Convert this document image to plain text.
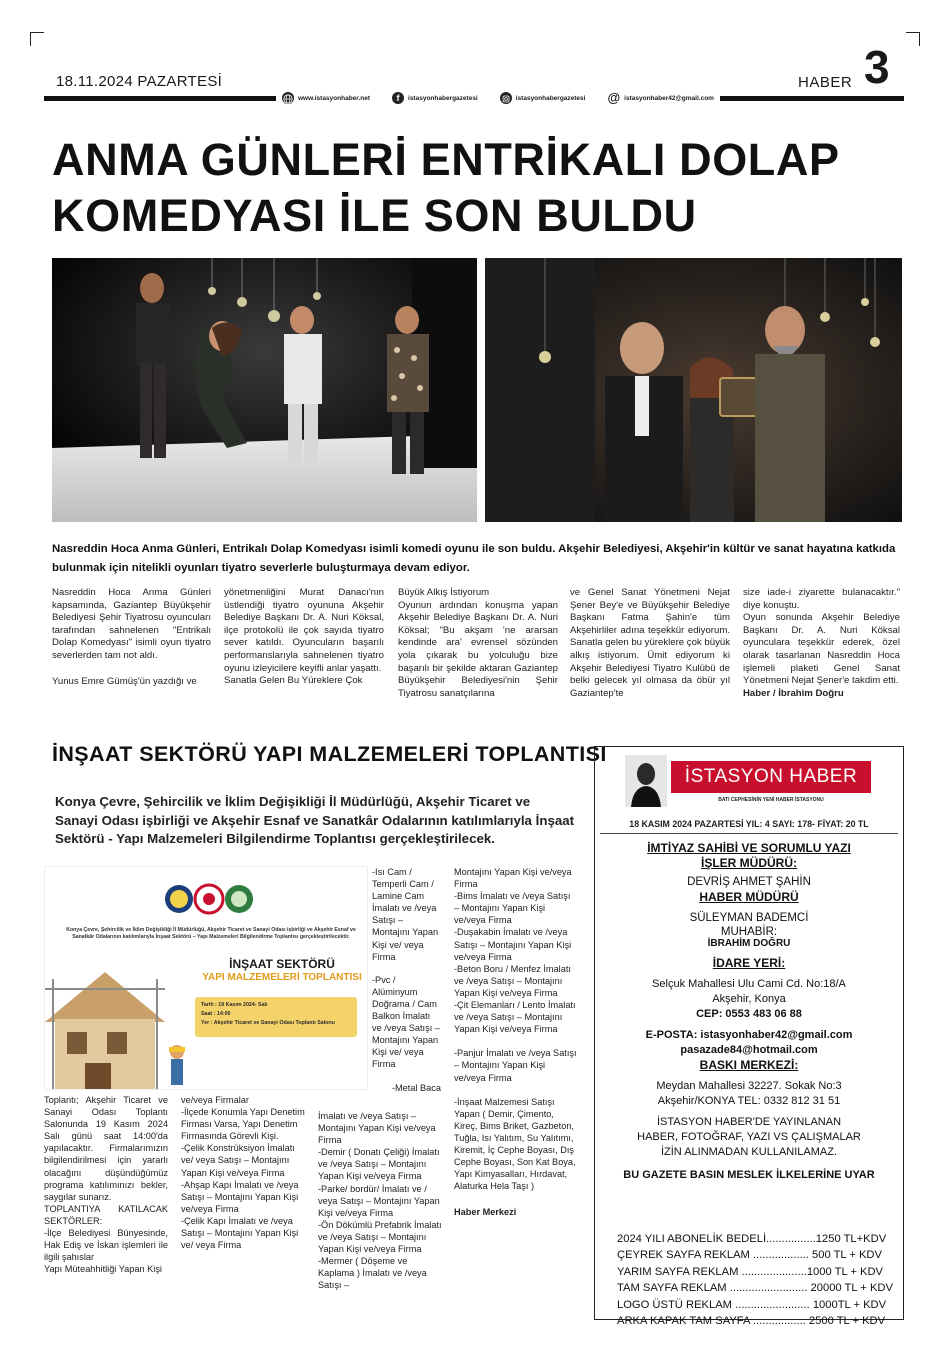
18.11.2024 PAZARTESİ	HABER 3
www.istasyonhaber.net	f	istasyonhabergazetesi	istasyonhabergazetesi @ istasyonhaber42@gmail.com
ANMA GÜNLERİ ENTRİKALI DOLAP
KOMEDYASI İLE SON BULDU
Nasreddin Hoca Anma Günleri, Entrikalı Dolap Komedyası isimli komedi oyunu ile son buldu. Akşehir Belediyesi, Akşehir'in kültür ve sanat hayatına katkıda bulunmak için nitelikli oyunları tiyatro severlerle buluşturmaya devam ediyor.

Nasreddin Hoca Anma Günleri kapsamında, Gaziantep Büyükşehir Belediyesi Şehir Tiyatrosu oyuncuları tarafından sahnelenen "Entrikalı Dolap Komedyası" isimli oyun tiyatro severlerden tam not aldı.

Yunus Emre Gümüş'ün yazdığı ve

yönetmenliğini Murat Danacı'nın üstlendiği tiyatro oyununa Akşehir Belediye Başkanı Dr. A. Nuri Köksal, ilçe protokolü ile çok sayıda tiyatro sever katıldı. Oyuncuların başarılı performanslarıyla sahnelenen tiyatro oyunu izleyicilere keyifli anlar yaşattı.

Sanatla Gelen Bu Yüreklere Çok

Büyük Alkış İstiyorum

Oyunun ardından konuşma yapan Akşehir Belediye Başkanı Dr. A. Nuri Köksal; "Bu akşam 'ne ararsan kendinde ara' evrensel sözünden yola çıkarak bu yolculuğu bize başarılı bir şekilde aktaran Gaziantep Büyükşehir Belediyesi'nin Şehir Tiyatrosu sanatçılarına

ve Genel Sanat Yönetmeni Nejat Şener Bey'e ve Büyükşehir Belediye Başkanı Fatma Şahin'e tüm Akşehirliler adına teşekkür ediyorum. Sanatla gelen bu yüreklere çok büyük alkış istiyorum. Ümit ediyorum ki Akşehir Belediyesi Tiyatro Kulübü de belki gelecek yıl olmasa da öbür yıl Gaziantep'te

size iade-i ziyarette bulanacaktır." diye konuştu.

Oyun sonunda Akşehir Belediye Başkanı Dr. A. Nuri Köksal oyunculara teşekkür ederek, özel olarak tasarlanan Nasreddin Hoca işlemeli plaketi Genel Sanat Yönetmeni Nejat Şener'e takdim etti.

Haber / İbrahim Doğru

İNŞAAT SEKTÖRÜ YAPI MALZEMELERİ TOPLANTISI
Konya Çevre, Şehircilik ve İklim Değişikliği İl Müdürlüğü, Akşehir Ticaret ve Sanayi Odası işbirliği ve Akşehir Esnaf ve Sanatkâr Odalarının katılımlarıyla İnşaat Sektörü - Yapı Malzemeleri Bilgilendirme Toplantısı gerçekleştirilecek.
Konya Çevre, Şehircilik ve İklim Değişikliği İl Müdürlüğü, Akşehir Ticaret ve Sanayi Odası işbirliği ve Akşehir Esnaf ve Sanatkâr Odalarının katılımlarıyla İnşaat Sektörü – Yapı Malzemeleri Bilgilendirme Toplantısı gerçekleştirilecektir.
İNŞAAT SEKTÖRÜ
YAPI MALZEMELERİ TOPLANTISI
Tarih : 19 Kasım 2024- Salı
Saat : 14:00
Yer : Akşehir Ticaret ve Sanayi Odası Toplantı Salonu

Toplantı; Akşehir Ticaret ve Sanayi Odası Toplantı Salonunda 19 Kasım 2024 Salı günü saat 14:00'da yapılacaktır. Firmalarımızın bilgilendirilmesi için yararlı olacağını düşündüğümüz programa katılımınızı bekler, saygılar sunarız.

TOPLANTIYA KATILACAK SEKTÖRLER:

-İlçe Belediyesi Bünyesinde, Hak Ediş ve İskan işlemleri ile ilgili şahıslar

Yapı Müteahhitliği Yapan Kişi

ve/veya Firmalar
-İlçede Konumla Yapı Denetim Firması Varsa, Yapı Denetim Firmasında Görevli Kişi.
-Çelik Konstrüksiyon İmalatı ve/ veya Satışı – Montajını Yapan Kişi ve/veya Firma
-Ahşap Kapı İmalatı ve /veya Satışı – Montajını Yapan Kişi ve/veya Firma
-Çelik Kapı İmalatı ve /veya Satışı – Montajını Yapan Kişi ve/ veya Firma
-Isı Cam / Temperli Cam / Lamine Cam İmalatı ve /veya Satışı – Montajını Yapan Kişi ve/ veya Firma
-Pvc / Alüminyum Doğrama / Cam Balkon İmalatı ve /veya Satışı – Montajını Yapan Kişi ve/ veya Firma
-Metal Baca
İmalatı ve /veya Satışı – Montajını Yapan Kişi ve/veya Firma
-Demir ( Donatı Çeliği) İmalatı ve /veya Satışı – Montajını Yapan Kişi ve/veya Firma
-Parke/ bordür/ İmalatı ve / veya Satışı – Montajını Yapan Kişi ve/veya Firma
-Ön Dökümlü Prefabrik İmalatı ve /veya Satışı – Montajını Yapan Kişi ve/veya Firma
-Mermer ( Döşeme ve Kaplama ) İmalatı ve /veya Satışı –
Montajını Yapan Kişi ve/veya Firma
-Bims İmalatı ve /veya Satışı – Montajını Yapan Kişi ve/veya Firma
-Duşakabin İmalatı ve /veya Satışı – Montajını Yapan Kişi ve/veya Firma
-Beton Boru / Menfez İmalatı ve /veya Satışı – Montajını Yapan Kişi ve/veya Firma
-Çit Elemanları / Lento İmalatı ve /veya Satışı – Montajını Yapan Kişi ve/veya Firma
-Panjur İmalatı ve /veya Satışı – Montajını Yapan Kişi ve/veya Firma
-İnşaat Malzemesi Satışı Yapan ( Demir, Çimento, Kireç, Bims Briket, Gazbeton, Tuğla, Isı Yalıtım, Su Yalıtımı, Kiremit, İç Cephe Boyası, Dış Cephe Boyası, Son Kat Boya, Yapı Kimyasalları, Hırdavat, Alaturka Hela Taşı )
Haber Merkezi
İSTASYON HABER
BATI CEPHESİNİN YENİ HABER İSTASYONU
18 KASIM 2024 PAZARTESİ YIL: 4 SAYI: 178- FİYAT: 20 TL
İMTİYAZ SAHİBİ VE SORUMLU YAZI
İŞLER MÜDÜRÜ:
DEVRİŞ AHMET ŞAHİN
HABER MÜDÜRÜ
SÜLEYMAN BADEMCİ
MUHABİR:
İBRAHİM DOĞRU
İDARE YERİ:
Selçuk Mahallesi Ulu Cami Cd. No:18/A
Akşehir, Konya
CEP: 0553 483 06 88
E-POSTA: istasyonhaber42@gmail.com
pasazade84@hotmail.com
BASKI MERKEZİ:
Meydan Mahallesi 32227. Sokak No:3
Akşehir/KONYA TEL: 0332 812 31 51
İSTASYON HABER'DE YAYINLANAN
HABER, FOTOĞRAF, YAZI VS ÇALIŞMALAR
İZİN ALINMADAN KULLANILAMAZ.
BU GAZETE BASIN MESLEK İLKELERİNE UYAR
2024 YILI ABONELİK BEDELİ................1250 TL+KDV
ÇEYREK SAYFA REKLAM .................. 500 TL + KDV
YARIM SAYFA REKLAM .....................1000 TL + KDV
TAM SAYFA REKLAM ......................... 20000 TL + KDV
LOGO ÜSTÜ REKLAM ........................ 1000TL + KDV
ARKA KAPAK TAM SAYFA ................. 2500 TL + KDV
